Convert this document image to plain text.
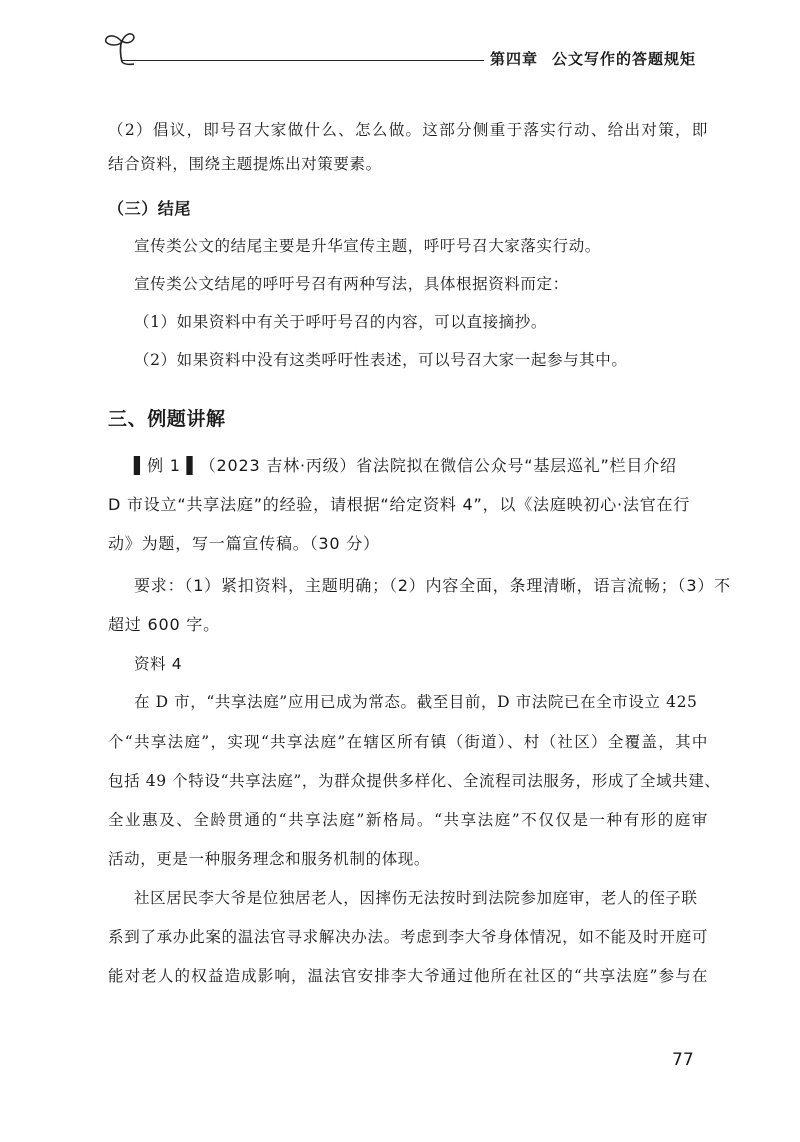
第四章 公文写作的答题规矩
（2）倡议，即号召大家做什么、怎么做。这部分侧重于落实行动、给出对策，即
结合资料，围绕主题提炼出对策要素。
（三）结尾
宣传类公文的结尾主要是升华宣传主题，呼吁号召大家落实行动。
宣传类公文结尾的呼吁号召有两种写法，具体根据资料而定：
（1）如果资料中有关于呼吁号召的内容，可以直接摘抄。
（2）如果资料中没有这类呼吁性表述，可以号召大家一起参与其中。
三、例题讲解
▌例 1 ▌（2023 吉林·丙级）省法院拟在微信公众号“基层巡礼”栏目介绍
D 市设立“共享法庭”的经验，请根据“给定资料 4”，以《法庭映初心·法官在行
动》为题，写一篇宣传稿。（30 分）
要求：（1）紧扣资料，主题明确；（2）内容全面，条理清晰，语言流畅；（3）不
超过 600 字。
资料 4
在 D 市，“共享法庭”应用已成为常态。截至目前，D 市法院已在全市设立 425
个“共享法庭”，实现“共享法庭”在辖区所有镇（街道）、村（社区）全覆盖，其中
包括 49 个特设“共享法庭”，为群众提供多样化、全流程司法服务，形成了全域共建、
全业惠及、全龄贯通的“共享法庭”新格局。“共享法庭”不仅仅是一种有形的庭审
活动，更是一种服务理念和服务机制的体现。
社区居民李大爷是位独居老人，因摔伤无法按时到法院参加庭审，老人的侄子联
系到了承办此案的温法官寻求解决办法。考虑到李大爷身体情况，如不能及时开庭可
能对老人的权益造成影响，温法官安排李大爷通过他所在社区的“共享法庭”参与在
77
